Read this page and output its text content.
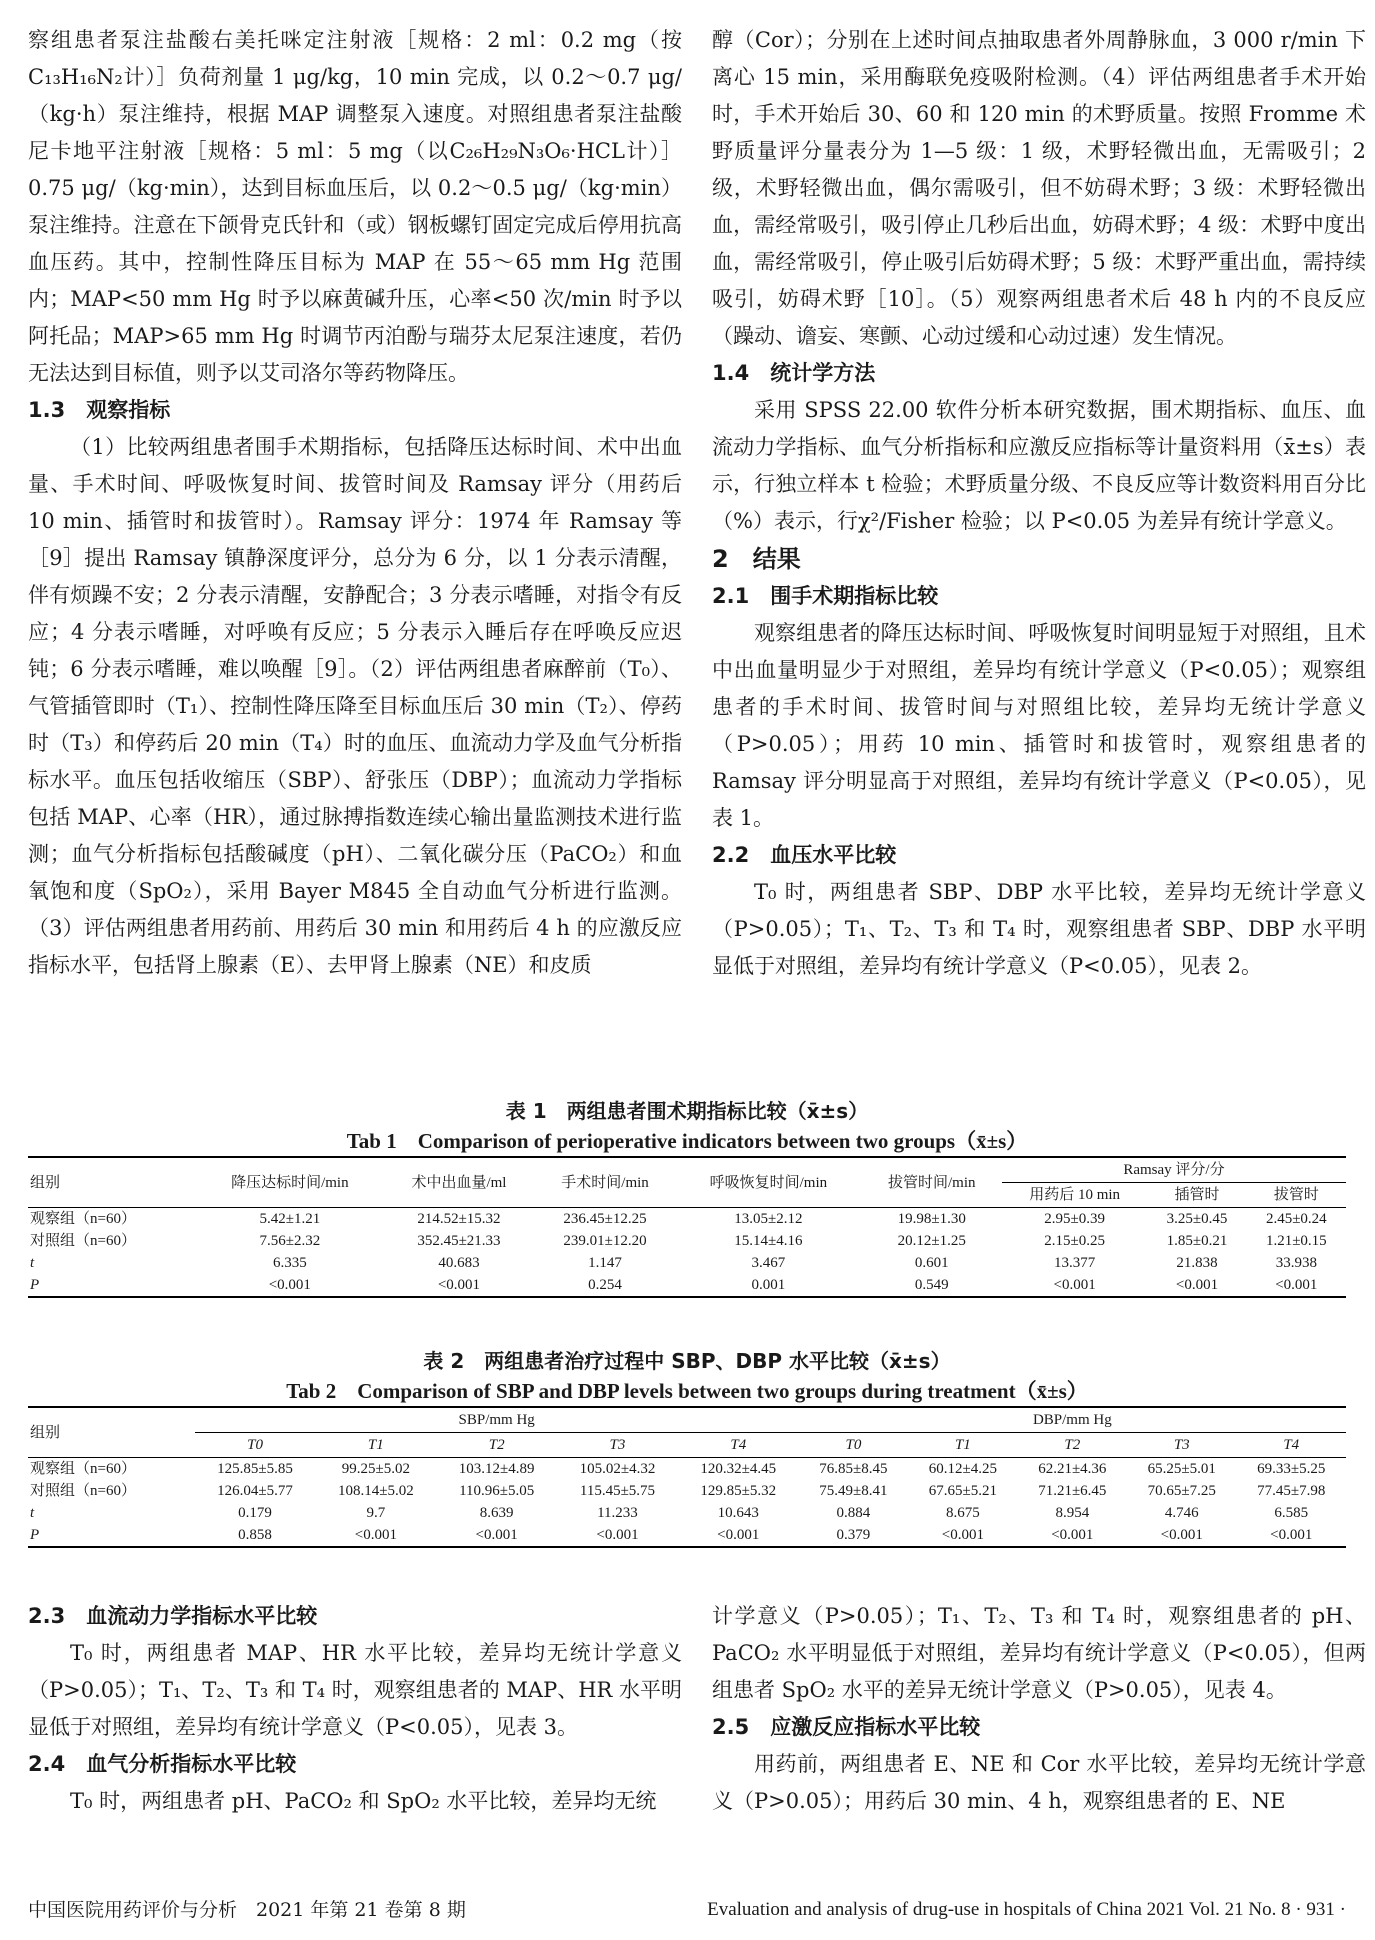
察组患者泵注盐酸右美托咪定注射液［规格：2 ml：0.2 mg（按C₁₃H₁₆N₂计）］负荷剂量 1 μg/kg，10 min 完成，以 0.2～0.7 μg/（kg·h）泵注维持，根据 MAP 调整泵入速度。对照组患者泵注盐酸尼卡地平注射液［规格：5 ml：5 mg（以C₂₆H₂₉N₃O₆·HCL计）］0.75 μg/（kg·min），达到目标血压后，以 0.2～0.5 μg/（kg·min）泵注维持。注意在下颌骨克氏针和（或）钢板螺钉固定完成后停用抗高血压药。其中，控制性降压目标为 MAP 在 55～65 mm Hg 范围内；MAP<50 mm Hg 时予以麻黄碱升压，心率<50 次/min 时予以阿托品；MAP>65 mm Hg 时调节丙泊酚与瑞芬太尼泵注速度，若仍无法达到目标值，则予以艾司洛尔等药物降压。

1.3　观察指标

（1）比较两组患者围手术期指标，包括降压达标时间、术中出血量、手术时间、呼吸恢复时间、拔管时间及 Ramsay 评分（用药后 10 min、插管时和拔管时）。Ramsay 评分：1974 年 Ramsay 等［9］提出 Ramsay 镇静深度评分，总分为 6 分，以 1 分表示清醒，伴有烦躁不安；2 分表示清醒，安静配合；3 分表示嗜睡，对指令有反应；4 分表示嗜睡，对呼唤有反应；5 分表示入睡后存在呼唤反应迟钝；6 分表示嗜睡，难以唤醒［9］。（2）评估两组患者麻醉前（T₀）、气管插管即时（T₁）、控制性降压降至目标血压后 30 min（T₂）、停药时（T₃）和停药后 20 min（T₄）时的血压、血流动力学及血气分析指标水平。血压包括收缩压（SBP）、舒张压（DBP）；血流动力学指标包括 MAP、心率（HR），通过脉搏指数连续心输出量监测技术进行监测；血气分析指标包括酸碱度（pH）、二氧化碳分压（PaCO₂）和血氧饱和度（SpO₂），采用 Bayer M845 全自动血气分析进行监测。（3）评估两组患者用药前、用药后 30 min 和用药后 4 h 的应激反应指标水平，包括肾上腺素（E）、去甲肾上腺素（NE）和皮质

醇（Cor）；分别在上述时间点抽取患者外周静脉血，3 000 r/min 下离心 15 min，采用酶联免疫吸附检测。（4）评估两组患者手术开始时，手术开始后 30、60 和 120 min 的术野质量。按照 Fromme 术野质量评分量表分为 1—5 级：1 级，术野轻微出血，无需吸引；2 级，术野轻微出血，偶尔需吸引，但不妨碍术野；3 级：术野轻微出血，需经常吸引，吸引停止几秒后出血，妨碍术野；4 级：术野中度出血，需经常吸引，停止吸引后妨碍术野；5 级：术野严重出血，需持续吸引，妨碍术野［10］。（5）观察两组患者术后 48 h 内的不良反应（躁动、谵妄、寒颤、心动过缓和心动过速）发生情况。

1.4　统计学方法

采用 SPSS 22.00 软件分析本研究数据，围术期指标、血压、血流动力学指标、血气分析指标和应激反应指标等计量资料用（x̄±s）表示，行独立样本 t 检验；术野质量分级、不良反应等计数资料用百分比（%）表示，行χ²/Fisher 检验；以 P<0.05 为差异有统计学意义。

2　结果

2.1　围手术期指标比较

观察组患者的降压达标时间、呼吸恢复时间明显短于对照组，且术中出血量明显少于对照组，差异均有统计学意义（P<0.05）；观察组患者的手术时间、拔管时间与对照组比较，差异均无统计学意义（P>0.05）；用药 10 min、插管时和拔管时，观察组患者的 Ramsay 评分明显高于对照组，差异均有统计学意义（P<0.05），见表 1。

2.2　血压水平比较

T₀ 时，两组患者 SBP、DBP 水平比较，差异均无统计学意义（P>0.05）；T₁、T₂、T₃ 和 T₄ 时，观察组患者 SBP、DBP 水平明显低于对照组，差异均有统计学意义（P<0.05），见表 2。

表 1　两组患者围术期指标比较（x̄±s）
Tab 1　Comparison of perioperative indicators between two groups（x̄±s）
组别	降压达标时间/min	术中出血量/ml	手术时间/min	呼吸恢复时间/min	拔管时间/min	Ramsay 评分/分		
						用药后 10 min	插管时	拔管时
观察组（n=60）	5.42±1.21	214.52±15.32	236.45±12.25	13.05±2.12	19.98±1.30	2.95±0.39	3.25±0.45	2.45±0.24
对照组（n=60）	7.56±2.32	352.45±21.33	239.01±12.20	15.14±4.16	20.12±1.25	2.15±0.25	1.85±0.21	1.21±0.15
t	6.335	40.683	1.147	3.467	0.601	13.377	21.838	33.938
P	<0.001	<0.001	0.254	0.001	0.549	<0.001	<0.001	<0.001
表 2　两组患者治疗过程中 SBP、DBP 水平比较（x̄±s）
Tab 2　Comparison of SBP and DBP levels between two groups during treatment（x̄±s）
组别	SBP/mm Hg					DBP/mm Hg				
	T0	T1	T2	T3	T4	T0	T1	T2	T3	T4
观察组（n=60）	125.85±5.85	99.25±5.02	103.12±4.89	105.02±4.32	120.32±4.45	76.85±8.45	60.12±4.25	62.21±4.36	65.25±5.01	69.33±5.25
对照组（n=60）	126.04±5.77	108.14±5.02	110.96±5.05	115.45±5.75	129.85±5.32	75.49±8.41	67.65±5.21	71.21±6.45	70.65±7.25	77.45±7.98
t	0.179	9.7	8.639	11.233	10.643	0.884	8.675	8.954	4.746	6.585
P	0.858	<0.001	<0.001	<0.001	<0.001	0.379	<0.001	<0.001	<0.001	<0.001

2.3　血流动力学指标水平比较

T₀ 时，两组患者 MAP、HR 水平比较，差异均无统计学意义（P>0.05）；T₁、T₂、T₃ 和 T₄ 时，观察组患者的 MAP、HR 水平明显低于对照组，差异均有统计学意义（P<0.05），见表 3。

2.4　血气分析指标水平比较

T₀ 时，两组患者 pH、PaCO₂ 和 SpO₂ 水平比较，差异均无统

计学意义（P>0.05）；T₁、T₂、T₃ 和 T₄ 时，观察组患者的 pH、PaCO₂ 水平明显低于对照组，差异均有统计学意义（P<0.05），但两组患者 SpO₂ 水平的差异无统计学意义（P>0.05），见表 4。

2.5　应激反应指标水平比较

用药前，两组患者 E、NE 和 Cor 水平比较，差异均无统计学意义（P>0.05）；用药后 30 min、4 h，观察组患者的 E、NE

中国医院用药评价与分析　2021 年第 21 卷第 8 期	Evaluation and analysis of drug-use in hospitals of China 2021 Vol. 21 No. 8 · 931 ·
